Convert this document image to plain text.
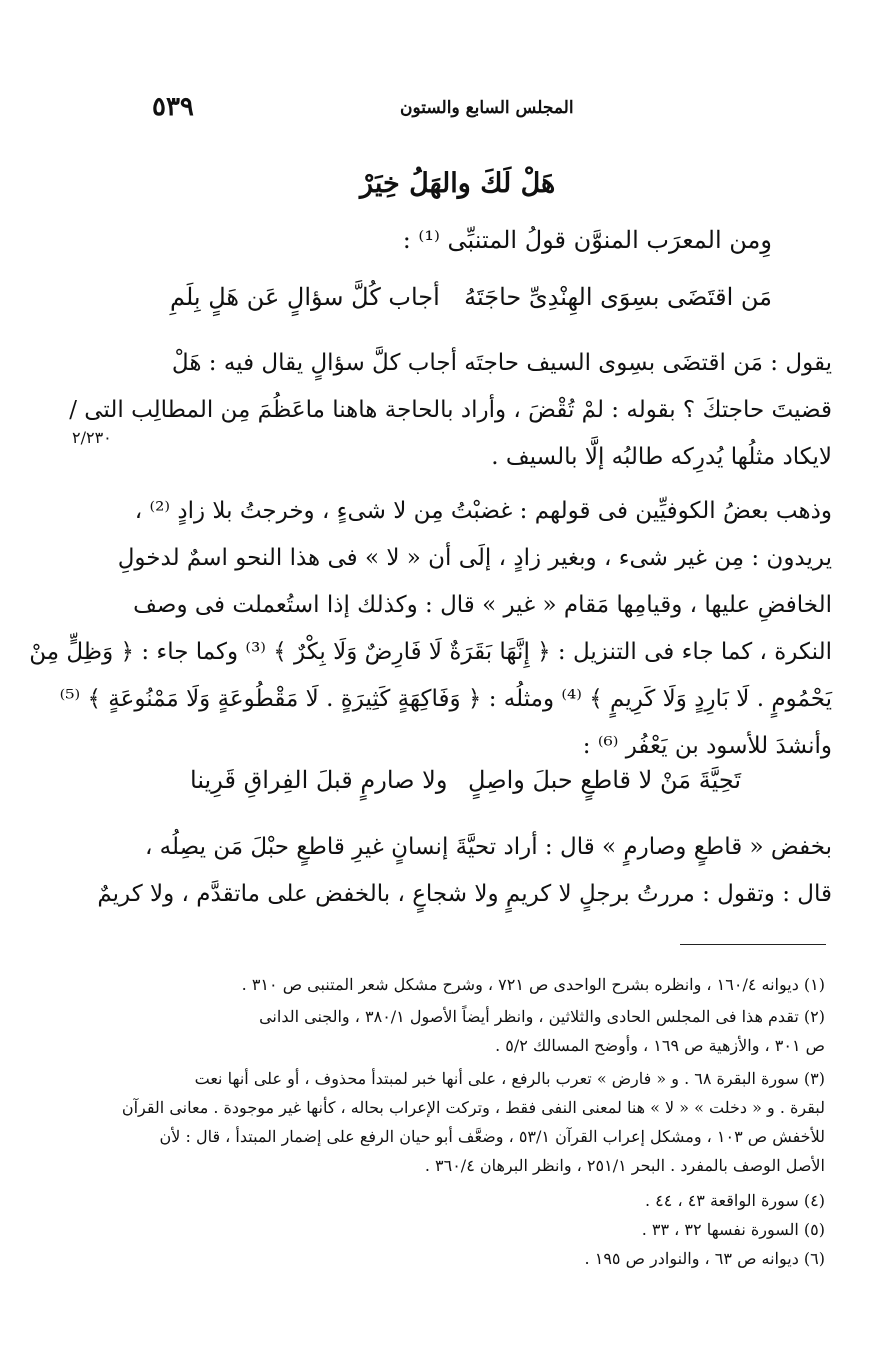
٥٣٩	المجلس السابع والستون
هَلْ لَكَ والهَلُ خِيَرْ
وِمن المعرَب المنوَّن قولُ المتنبِّى ⁽¹⁾ :
مَن اقتَضَى بسِوَى الهِنْدِىِّ حاجَتَهُ
أجاب كُلَّ سؤالٍ عَن هَلٍ بِلَمِ
يقول : مَن اقتضَى بسِوى السيف حاجتَه أجاب كلَّ سؤالٍ يقال فيه : هَلْ
قضيتَ حاجتكَ ؟ بقوله : لمْ تُقْضَ ، وأراد بالحاجة هاهنا ماعَظُمَ مِن المطالِب التى /
لايكاد مثلُها يُدرِكه طالبُه إلَّا بالسيف .
٢/٢٣٠
وذهب بعضُ الكوفيِّين فى قولهم : غضبْتُ مِن لا شىءٍ ، وخرجتُ بلا زادٍ ⁽²⁾ ،
يريدون : مِن غير شىء ، وبغير زادٍ ، إلَى أن « لا » فى هذا النحو اسمٌ لدخولِ
الخافضِ عليها ، وقيامِها مَقام « غير » قال : وكذلك إذا استُعملت فى وصف
النكرة ، كما جاء فى التنزيل : ﴿ إِنَّهَا بَقَرَةٌ لَا فَارِضٌ وَلَا بِكْرٌ ﴾ ⁽³⁾ وكما جاء : ﴿ وَظِلٍّ مِنْ
يَحْمُومٍ . لَا بَارِدٍ وَلَا كَرِيمٍ ﴾ ⁽⁴⁾ ومثلُه : ﴿ وَفَاكِهَةٍ كَثِيرَةٍ . لَا مَقْطُوعَةٍ وَلَا مَمْنُوعَةٍ ﴾ ⁽⁵⁾
وأنشدَ للأسود بن يَعْفُر ⁽⁶⁾ :
تَحِيَّةَ مَنْ لا قاطعٍ حبلَ واصِلٍ
ولا صارمٍ قبلَ الفِراقِ قَرِينا
بخفض « قاطعٍ وصارمٍ » قال : أراد تحيَّةَ إنسانٍ غيرِ قاطعٍ حبْلَ مَن يصِلُه ،
قال : وتقول : مررتُ برجلٍ لا كريمٍ ولا شجاعٍ ، بالخفض على ماتقدَّم ، ولا كريمٌ
(١) ديوانه ١٦٠/٤ ، وانظره بشرح الواحدى ص ٧٢١ ، وشرح مشكل شعر المتنبى ص ٣١٠ .
(٢) تقدم هذا فى المجلس الحادى والثلاثين ، وانظر أيضاً الأصول ٣٨٠/١ ، والجنى الدانى
ص ٣٠١ ، والأزهية ص ١٦٩ ، وأوضح المسالك ٥/٢ .
(٣) سورة البقرة ٦٨ . و « فارض » تعرب بالرفع ، على أنها خبر لمبتدأ محذوف ، أو على أنها نعت
لبقرة . و « دخلت » « لا » هنا لمعنى النفى فقط ، وتركت الإعراب بحاله ، كأنها غير موجودة . معانى القرآن
للأخفش ص ١٠٣ ، ومشكل إعراب القرآن ٥٣/١ ، وضعَّف أبو حيان الرفع على إضمار المبتدأ ، قال : لأن
الأصل الوصف بالمفرد . البحر ٢٥١/١ ، وانظر البرهان ٣٦٠/٤ .
(٤) سورة الواقعة ٤٣ ، ٤٤ .
(٥) السورة نفسها ٣٢ ، ٣٣ .
(٦) ديوانه ص ٦٣ ، والنوادر ص ١٩٥ .
